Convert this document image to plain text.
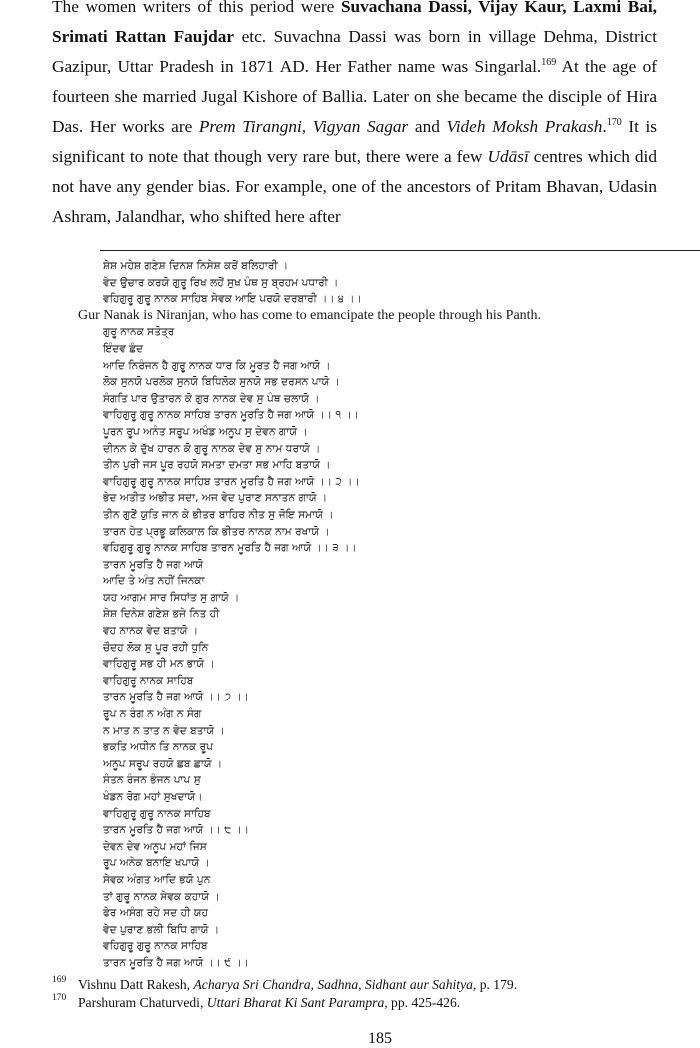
The women writers of this period were Suvachana Dassi, Vijay Kaur, Laxmi Bai, Srimati Rattan Faujdar etc. Suvachna Dassi was born in village Dehma, District Gazipur, Uttar Pradesh in 1871 AD. Her Father name was Singarlal.$^{169}$ At the age of fourteen she married Jugal Kishore of Ballia. Later on she became the disciple of Hira Das. Her works are Prem Tirangni, Vigyan Sagar and Videh Moksh Prakash.$^{170}$ It is significant to note that though very rare but, there were a few Udāsī centres which did not have any gender bias. For example, one of the ancestors of Pritam Bhavan, Udasin Ashram, Jalandhar, who shifted here after

ਸ਼ੇਸ਼ ਮਹੇਸ਼ ਗਣੇਸ਼ ਦਿਨਸ਼ ਨਿਸੇਸ਼ ਕਰੋਂ ਬਲਿਹਾਰੀ ।
ਵੇਦ ਉਚਾਰ ਕਰਯੋ ਗੁਰੂ ਰਿਖ ਲਹੋਂ ਸੁਖ ਪੰਥ ਸੁ ਬ੍ਰਹਮ ਪਧਾਰੀ ।
ਵਹਿਗੁਰੂ ਗੁਰੂ ਨਾਨਕ ਸਾਹਿਬ ਸੇਵਕ ਆਇ ਪਰਯੋ ਦਰਬਾਰੀ ।। ੪ ।।
Gur Nanak is Niranjan, who has come to emancipate the people through his Panth.
ਗੁਰੂ ਨਾਨਕ ਸਤੋਤ੍ਰ
ਇੰਦਵ ਛੰਦ
ਆਦਿ ਨਿਰੰਜਨ ਹੈ ਗੁਰੂ ਨਾਨਕ ਧਾਰ ਕਿ ਮੂਰਤ ਹੈ ਜਗ ਆਯੋ ।
ਲੋਕ ਸੁਨਯੋ ਪਰਲੋਕ ਸੁਨਯੋ ਬਿਧਿਲੋਕ ਸੁਨਯੋ ਸਭ ਦਰਸਨ ਪਾਯੋ ।
ਸੰਗਤਿ ਪਾਰ ਉਤਾਰਨ ਕੋ ਗੁਰ ਨਾਨਕ ਦੇਵ ਸੁ ਪੰਥ ਚਲਾਯੋ ।
ਵਾਹਿਗੁਰੂ ਗੁਰੂ ਨਾਨਕ ਸਾਹਿਬ ਤਾਰਨ ਮੂਰਤਿ ਹੈ ਜਗ ਆਯੋ ।। ੧ ।।
ਪੂਰਨ ਰੂਪ ਅਨੰਤ ਸਰੂਪ ਅਖੰਡ ਅਨੂਪ ਸੁ ਦੇਵਨ ਗਾਯੋ ।
ਦੀਨਨ ਕੇ ਦੁੱਖ ਹਾਰਨ ਕੋ ਗੁਰੂ ਨਾਨਕ ਦੇਵ ਸੁ ਨਾਮ ਧਰਾਯੋ ।
ਤੀਨ ਪੁਰੀ ਜਸ ਪੂਰ ਰਹਯੋ ਸਮਤਾ ਦਮਤਾ ਸਭ ਮਾਹਿ ਬਤਾਯੋ ।
ਵਾਹਿਗੁਰੂ ਗੁਰੂ ਨਾਨਕ ਸਾਹਿਬ ਤਾਰਨ ਮੂਰਤਿ ਹੈ ਜਗ ਆਯੋ ।। ੨ ।।
ਭੇਦ ਅਤੀਤ ਅਭੀਤ ਸਦਾ, ਅਜ ਵੇਦ ਪੁਰਾਣ ਸਨਾਤਨ ਗਾਯੋ ।
ਤੀਨ ਗੁਣੋਂ ਯੁਤਿ ਜਾਨ ਕੇ ਭੀਤਰ ਬਾਹਿਰ ਨੀਤ ਸੁ ਜੋਇ ਸਮਾਯੋ ।
ਤਾਰਨ ਹੇਤ ਪ੍ਰਭੂ ਕਲਿਕਾਲ ਕਿ ਭੀਤਰ ਨਾਨਕ ਨਾਮ ਰਖਾਯੋ ।
ਵਹਿਗੁਰੂ ਗੁਰੂ ਨਾਨਕ ਸਾਹਿਬ ਤਾਰਨ ਮੂਰਤਿ ਹੈ ਜਗ ਆਯੋ ।। ੩ ।।
ਤਾਰਨ ਮੂਰਤਿ ਹੈ ਜਗ ਆਯੋ
ਆਦਿ ਤੇ ਅੰਤ ਨਹੀਂ ਜਿਨਕਾ
ਯਹ ਆਗਮ ਸਾਰ ਸਿਧਾਂਤ ਸੁ ਗਾਯੋ ।
ਸ਼ੇਸ਼ ਦਿਨੇਸ਼ ਗਣੇਸ਼ ਭਜੇ ਨਿਤ ਹੀ
ਵਹ ਨਾਨਕ ਵੇਦ ਬਤਾਯੋ ।
ਚੌਦਹ ਲੋਕ ਸੁ ਪੂਰ ਰਹੀ ਧੁਨਿ
ਵਾਹਿਗੁਰੂ ਸਭ ਹੀ ਮਨ ਭਾਯੋ ।
ਵਾਹਿਗੁਰੂ ਨਾਨਕ ਸਾਹਿਬ
ਤਾਰਨ ਮੂਰਤਿ ਹੈ ਜਗ ਆਯੋ ।। ੭ ।।
ਰੂਪ ਨ ਰੰਗ ਨ ਅੰਗ ਨ ਸੰਗ
ਨ ਮਾਤ ਨ ਤਾਤ ਨ ਵੇਦ ਬਤਾਯੋ ।
ਭਕਤਿ ਅਧੀਨ ਤਿ ਨਾਨਕ ਰੂਪ
ਅਨੂਪ ਸਰੂਪ ਰਹਯੋ ਛਬ ਛਾਯੋ ।
ਸੰਤਨ ਰੰਜਨ ਭੰਜਨ ਪਾਪ ਸੁ
ਖੰਡਨ ਰੋਗ ਮਹਾਂ ਸੁਖਦਾਯੋ।
ਵਾਹਿਗੁਰੂ ਗੁਰੂ ਨਾਨਕ ਸਾਹਿਬ
ਤਾਰਨ ਮੂਰਤਿ ਹੈ ਜਗ ਆਯੋ ।। ੮ ।।
ਦੇਵਨ ਦੇਵ ਅਨੂਪ ਮਹਾਂ ਜਿਸ
ਰੂਪ ਅਨੇਕ ਬਨਾਇ ਖਪਾਯੋ ।
ਸੇਵਕ ਅੰਗਤ ਆਦਿ ਭਯੋ ਪੁਨ
ਤਾਂ ਗੁਰੂ ਨਾਨਕ ਸੇਵਕ ਕਹਾਯੋ ।
ਫੇਰ ਅਸੰਗ ਰਹੇ ਸਦ ਹੀ ਯਹ
ਵੇਦ ਪੁਰਾਣ ਭਲੀ ਬਿਧਿ ਗਾਯੋ ।
ਵਹਿਗੁਰੂ ਗੁਰੂ ਨਾਨਕ ਸਾਹਿਬ
ਤਾਰਨ ਮੂਰਤਿ ਹੈ ਜਗ ਆਯੋ ।। ੯ ।।
169 Vishnu Datt Rakesh, Acharya Sri Chandra, Sadhna, Sidhant aur Sahitya, p. 179.
170 Parshuram Chaturvedi, Uttari Bharat Ki Sant Parampra, pp. 425-426.
185
